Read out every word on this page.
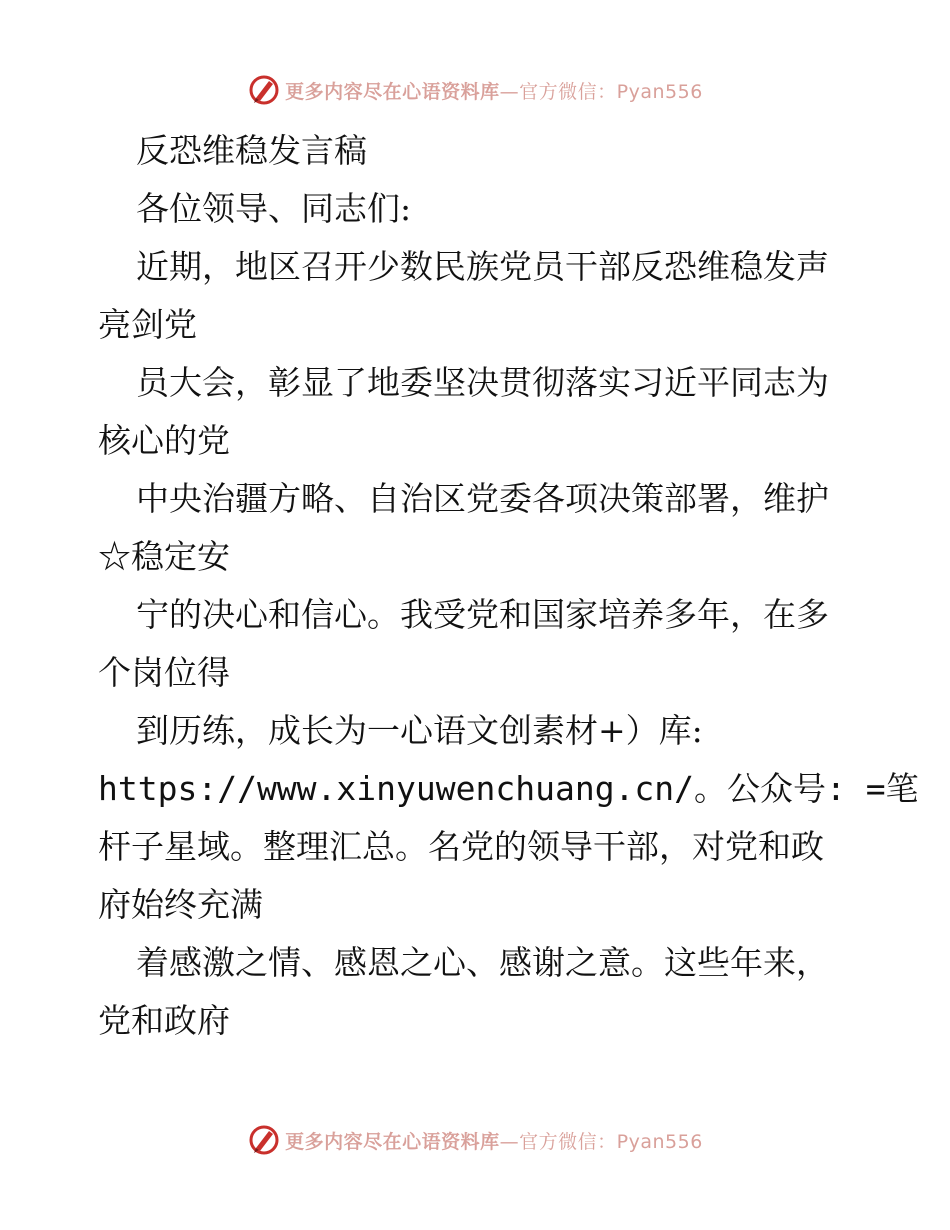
更多内容尽在心语资料库—官方微信：Pyan556
反恐维稳发言稿
各位领导、同志们:
近期，地区召开少数民族党员干部反恐维稳发声
亮剑党
员大会，彰显了地委坚决贯彻落实习近平同志为
核心的党
中央治疆方略、自治区党委各项决策部署，维护
☆稳定安
宁的决心和信心。我受党和国家培养多年，在多
个岗位得
到历练，成长为一心语文创素材+）库:
https://www.xinyuwenchuang.cn/。公众号: =笔
杆子星域。整理汇总。名党的领导干部，对党和政
府始终充满
着感激之情、感恩之心、感谢之意。这些年来，
党和政府
更多内容尽在心语资料库—官方微信：Pyan556
